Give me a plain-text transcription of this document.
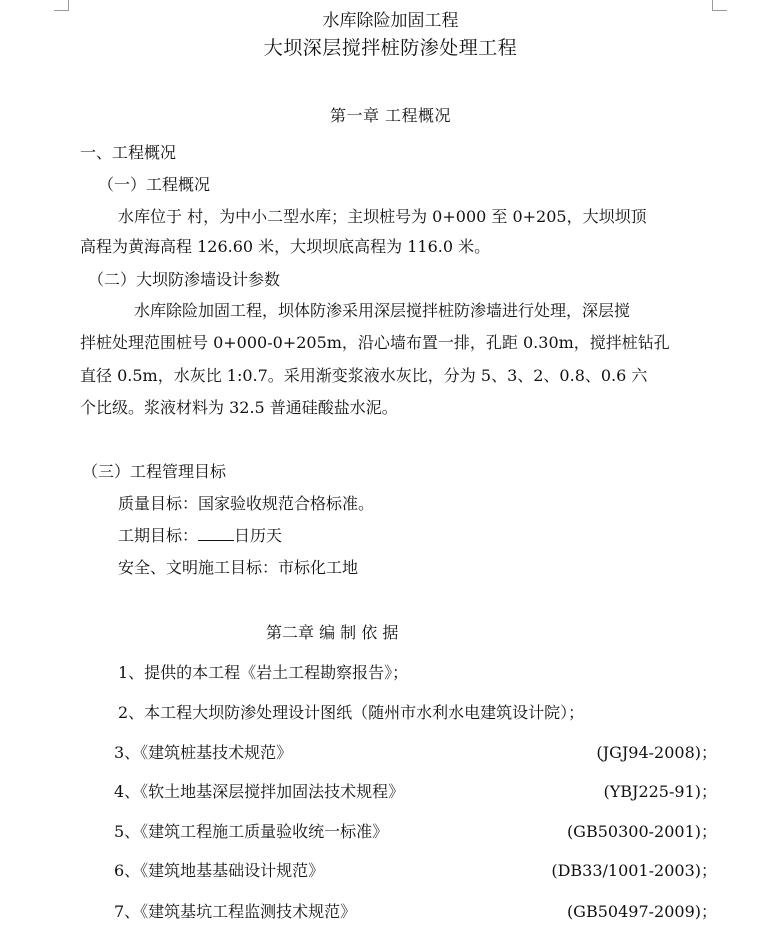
水库除险加固工程
大坝深层搅拌桩防渗处理工程
第一章 工程概况
一、工程概况
（一）工程概况
水库位于 村，为中小二型水库；主坝桩号为 0+000 至 0+205，大坝坝顶
高程为黄海高程 126.60 米，大坝坝底高程为 116.0 米。
（二）大坝防渗墙设计参数
水库除险加固工程，坝体防渗采用深层搅拌桩防渗墙进行处理，深层搅
拌桩处理范围桩号 0+000-0+205m，沿心墙布置一排，孔距 0.30m，搅拌桩钻孔
直径 0.5m，水灰比 1:0.7。采用渐变浆液水灰比，分为 5、3、2、0.8、0.6 六
个比级。浆液材料为 32.5 普通硅酸盐水泥。
（三）工程管理目标
质量目标：国家验收规范合格标准。
工期目标： 日历天
安全、文明施工目标：市标化工地
第二章 编 制 依 据
1、提供的本工程《岩土工程勘察报告》；
2、本工程大坝防渗处理设计图纸（随州市水利水电建筑设计院）；
3、《建筑桩基技术规范》	(JGJ94-2008)；
4、《软土地基深层搅拌加固法技术规程》	(YBJ225-91)；
5、《建筑工程施工质量验收统一标准》	(GB50300-2001)；
6、《建筑地基基础设计规范》	(DB33/1001-2003)；
7、《建筑基坑工程监测技术规范》	(GB50497-2009)；
